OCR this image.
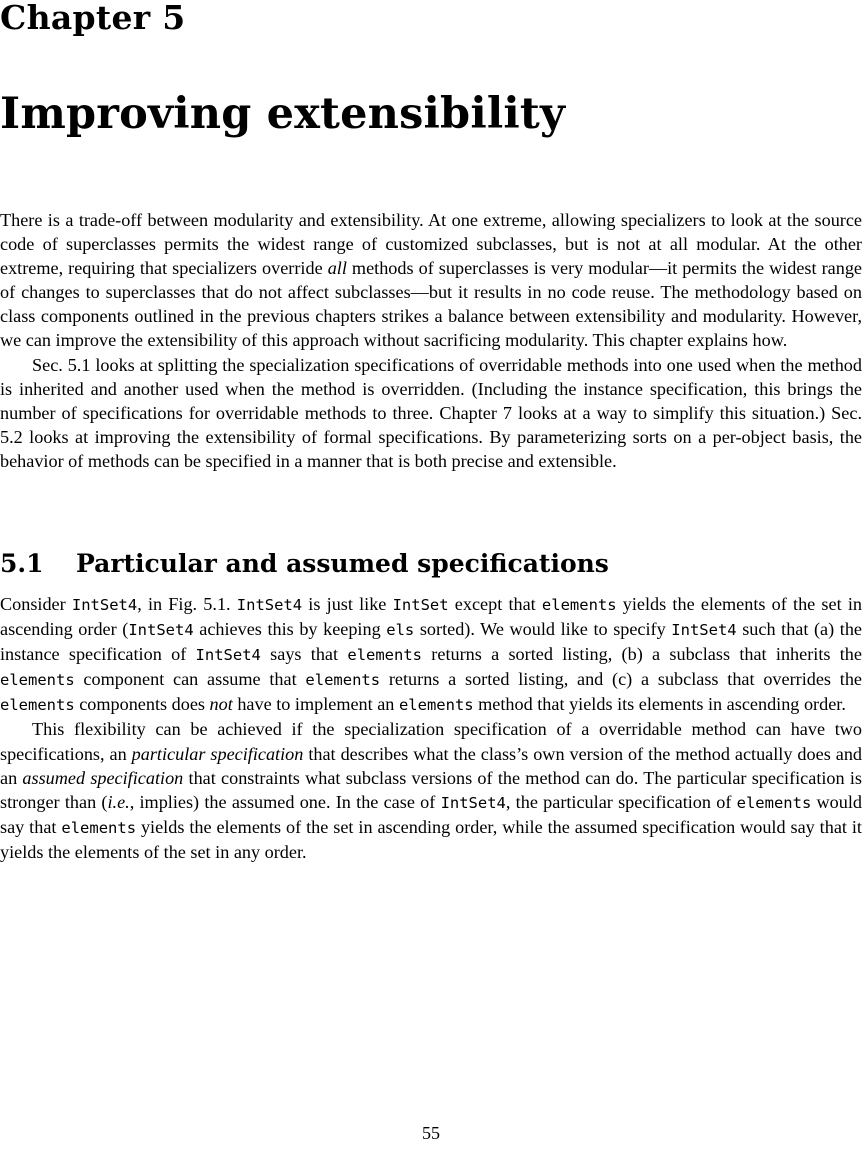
Chapter 5
Improving extensibility

There is a trade-off between modularity and extensibility. At one extreme, allowing specializers to look at the source code of superclasses permits the widest range of customized subclasses, but is not at all modular. At the other extreme, requiring that specializers override all methods of superclasses is very modular—it permits the widest range of changes to superclasses that do not affect subclasses—but it results in no code reuse. The methodology based on class components outlined in the previous chapters strikes a balance between extensibility and modularity. However, we can improve the extensibility of this approach without sacrificing modularity. This chapter explains how.

Sec. 5.1 looks at splitting the specialization specifications of overridable methods into one used when the method is inherited and another used when the method is overridden. (Including the instance specification, this brings the number of specifications for overridable methods to three. Chapter 7 looks at a way to simplify this situation.) Sec. 5.2 looks at improving the extensibility of formal specifications. By parameterizing sorts on a per-object basis, the behavior of methods can be specified in a manner that is both precise and extensible.

5.1	Particular and assumed specifications

Consider IntSet4, in Fig. 5.1. IntSet4 is just like IntSet except that elements yields the elements of the set in ascending order (IntSet4 achieves this by keeping els sorted). We would like to specify IntSet4 such that (a) the instance specification of IntSet4 says that elements returns a sorted listing, (b) a subclass that inherits the elements component can assume that elements returns a sorted listing, and (c) a subclass that overrides the elements components does not have to implement an elements method that yields its elements in ascending order.

This flexibility can be achieved if the specialization specification of a overridable method can have two specifications, an particular specification that describes what the class’s own version of the method actually does and an assumed specification that constraints what subclass versions of the method can do. The particular specification is stronger than (i.e., implies) the assumed one. In the case of IntSet4, the particular specification of elements would say that elements yields the elements of the set in ascending order, while the assumed specification would say that it yields the elements of the set in any order.

55
